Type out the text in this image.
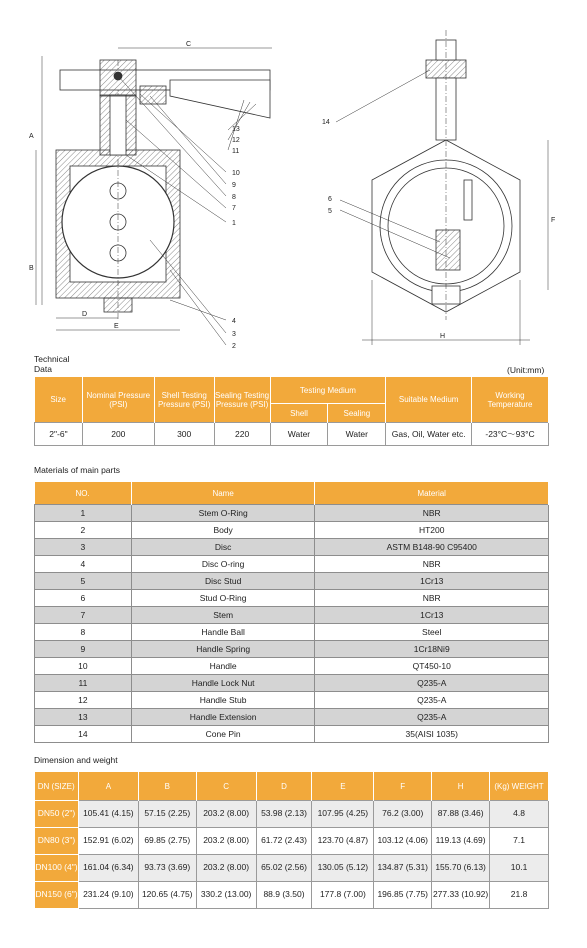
13
12
11
10
9
8
7
1
4
3
2
A
B
C
D
E
14
6
5
F
H
Technical
Data	(Unit:mm)
Size	Nominal Pressure (PSI)	Shell Testing Pressure (PSI)	Sealing Testing Pressure (PSI)	Testing Medium		Suitable Medium	Working Temperature
				Shell	Sealing		
2"-6"	200	300	220	Water	Water	Gas, Oil, Water etc.	-23°C～93°C
Materials of main parts
NO.	Name	Material
1	Stem O-Ring	NBR
2	Body	HT200
3	Disc	ASTM B148-90 C95400
4	Disc O-ring	NBR
5	Disc Stud	1Cr13
6	Stud O-Ring	NBR
7	Stem	1Cr13
8	Handle Ball	Steel
9	Handle Spring	1Cr18Ni9
10	Handle	QT450-10
11	Handle Lock Nut	Q235-A
12	Handle Stub	Q235-A
13	Handle Extension	Q235-A
14	Cone Pin	35(AISI 1035)
Dimension and weight
DN (SIZE)	A	B	C	D	E	F	H	(Kg) WEIGHT
DN50 (2")	105.41 (4.15)	57.15 (2.25)	203.2 (8.00)	53.98 (2.13)	107.95 (4.25)	76.2 (3.00)	87.88 (3.46)	4.8
DN80 (3")	152.91 (6.02)	69.85 (2.75)	203.2 (8.00)	61.72 (2.43)	123.70 (4.87)	103.12 (4.06)	119.13 (4.69)	7.1
DN100 (4")	161.04 (6.34)	93.73 (3.69)	203.2 (8.00)	65.02 (2.56)	130.05 (5.12)	134.87 (5.31)	155.70 (6.13)	10.1
DN150 (6")	231.24 (9.10)	120.65 (4.75)	330.2 (13.00)	88.9 (3.50)	177.8 (7.00)	196.85 (7.75)	277.33 (10.92)	21.8
